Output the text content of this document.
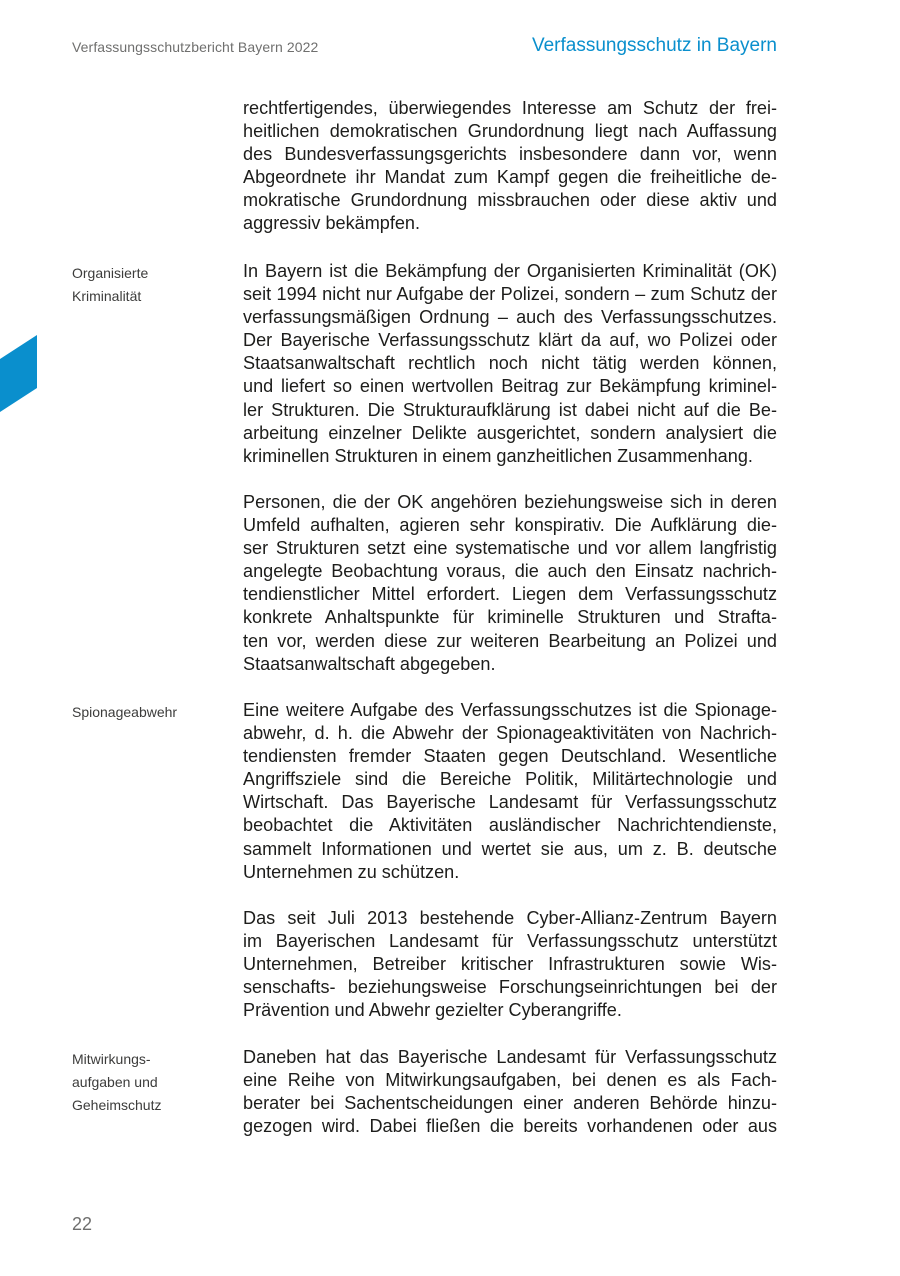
Verfassungsschutzbericht Bayern 2022	Verfassungsschutz in Bayern
Organisierte
Kriminalität
Spionageabwehr
Mitwirkungs-
aufgaben und
Geheimschutz
rechtfertigendes, überwiegendes Interesse am Schutz der frei-
heitlichen demokratischen Grundordnung liegt nach Auffassung
des Bundesverfassungsgerichts insbesondere dann vor, wenn
Abgeordnete ihr Mandat zum Kampf gegen die freiheitliche de-
mokratische Grundordnung missbrauchen oder diese aktiv und
aggressiv bekämpfen.
In Bayern ist die Bekämpfung der Organisierten Kriminalität (OK)
seit 1994 nicht nur Aufgabe der Polizei, sondern – zum Schutz der
verfassungsmäßigen Ordnung – auch des Verfassungsschutzes.
Der Bayerische Verfassungsschutz klärt da auf, wo Polizei oder
Staatsanwaltschaft rechtlich noch nicht tätig werden können,
und liefert so einen wertvollen Beitrag zur Bekämpfung kriminel-
ler Strukturen. Die Strukturaufklärung ist dabei nicht auf die Be-
arbeitung einzelner Delikte ausgerichtet, sondern analysiert die
kriminellen Strukturen in einem ganzheitlichen Zusammenhang.
Personen, die der OK angehören beziehungsweise sich in deren
Umfeld aufhalten, agieren sehr konspirativ. Die Aufklärung die-
ser Strukturen setzt eine systematische und vor allem langfristig
angelegte Beobachtung voraus, die auch den Einsatz nachrich-
tendienstlicher Mittel erfordert. Liegen dem Verfassungsschutz
konkrete Anhaltspunkte für kriminelle Strukturen und Strafta-
ten vor, werden diese zur weiteren Bearbeitung an Polizei und
Staatsanwaltschaft abgegeben.
Eine weitere Aufgabe des Verfassungsschutzes ist die Spionage-
abwehr, d. h. die Abwehr der Spionageaktivitäten von Nachrich-
tendiensten fremder Staaten gegen Deutschland. Wesentliche
Angriffsziele sind die Bereiche Politik, Militärtechnologie und
Wirtschaft. Das Bayerische Landesamt für Verfassungsschutz
beobachtet die Aktivitäten ausländischer Nachrichtendienste,
sammelt Informationen und wertet sie aus, um z. B. deutsche
Unternehmen zu schützen.
Das seit Juli 2013 bestehende Cyber-Allianz-Zentrum Bayern
im Bayerischen Landesamt für Verfassungsschutz unterstützt
Unternehmen, Betreiber kritischer Infrastrukturen sowie Wis-
senschafts- beziehungsweise Forschungseinrichtungen bei der
Prävention und Abwehr gezielter Cyberangriffe.
Daneben hat das Bayerische Landesamt für Verfassungsschutz
eine Reihe von Mitwirkungsaufgaben, bei denen es als Fach-
berater bei Sachentscheidungen einer anderen Behörde hinzu-
gezogen wird. Dabei fließen die bereits vorhandenen oder aus
22
